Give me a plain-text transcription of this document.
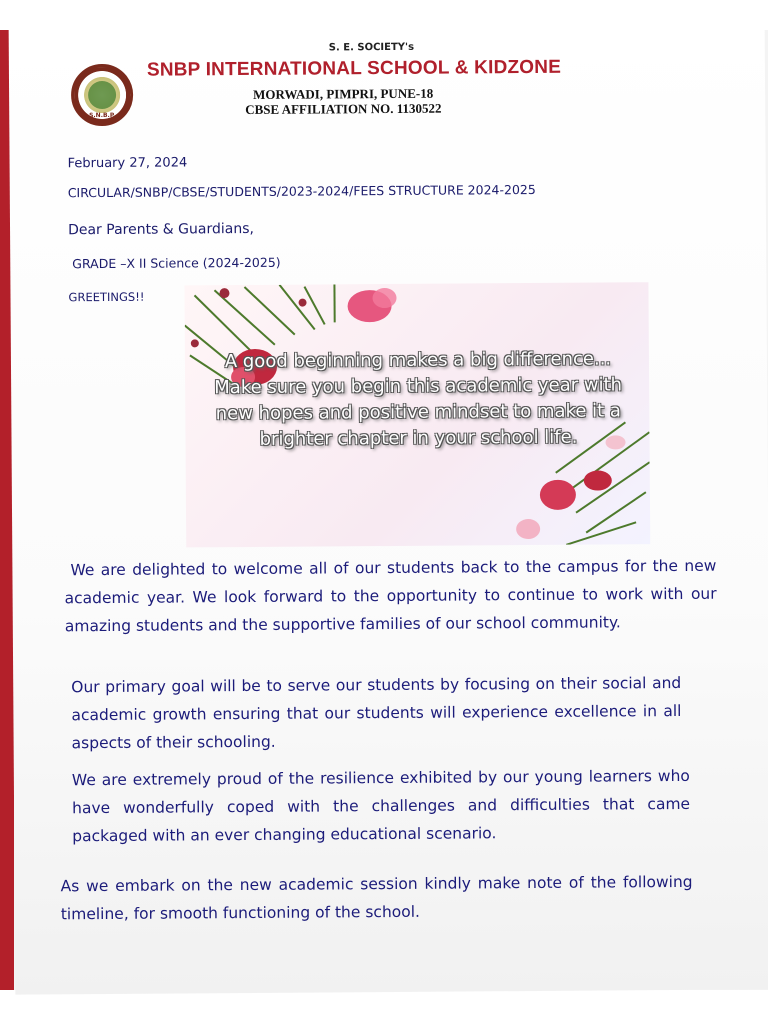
S. E. SOCIETY's
S.N.B.P.
SNBP INTERNATIONAL SCHOOL & KIDZONE
MORWADI, PIMPRI, PUNE-18
CBSE AFFILIATION NO. 1130522
February 27, 2024
CIRCULAR/SNBP/CBSE/STUDENTS/2023-2024/FEES STRUCTURE 2024-2025
Dear Parents & Guardians,
GRADE –X II Science (2024-2025)
GREETINGS!!
A good beginning makes a big difference... Make sure you begin this academic year with new hopes and positive mindset to make it a brighter chapter in your school life.

We are delighted to welcome all of our students back to the campus for the new academic year. We look forward to the opportunity to continue to work with our amazing students and the supportive families of our school community.

Our primary goal will be to serve our students by focusing on their social and academic growth ensuring that our students will experience excellence in all aspects of their schooling.

We are extremely proud of the resilience exhibited by our young learners who have wonderfully coped with the challenges and difficulties that came packaged with an ever changing educational scenario.

As we embark on the new academic session kindly make note of the following timeline, for smooth functioning of the school.
